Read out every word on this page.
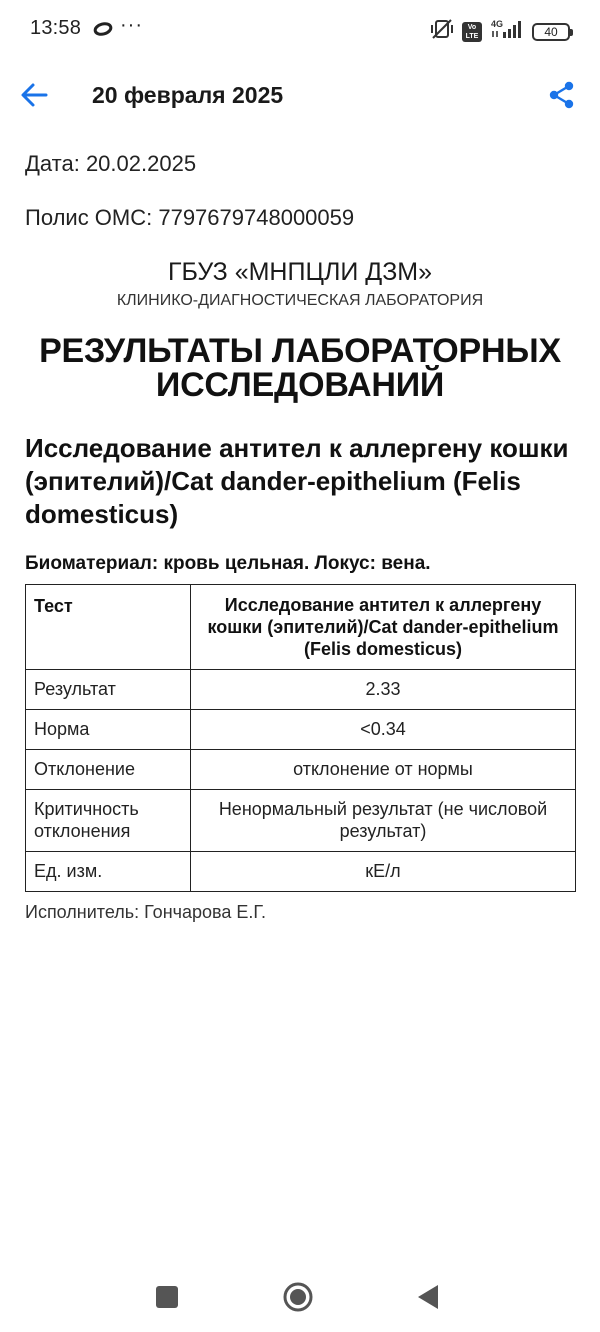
13:58 ···	Vo LTE
4G
40
20 февраля 2025
Дата: 20.02.2025
Полис ОМС: 7797679748000059
ГБУЗ «МНПЦЛИ ДЗМ»
КЛИНИКО-ДИАГНОСТИЧЕСКАЯ ЛАБОРАТОРИЯ
РЕЗУЛЬТАТЫ ЛАБОРАТОРНЫХ
ИССЛЕДОВАНИЙ
Исследование антител к аллергену кошки (эпителий)/Cat dander-epithelium (Felis domesticus)
Биоматериал: кровь цельная. Локус: вена.
Тест	Исследование антител к аллергену кошки (эпителий)/Cat dander-epithelium (Felis domesticus)
Результат	2.33
Норма	<0.34
Отклонение	отклонение от нормы
Критичность отклонения	Ненормальный результат (не числовой результат)
Ед. изм.	кЕ/л
Исполнитель: Гончарова Е.Г.
